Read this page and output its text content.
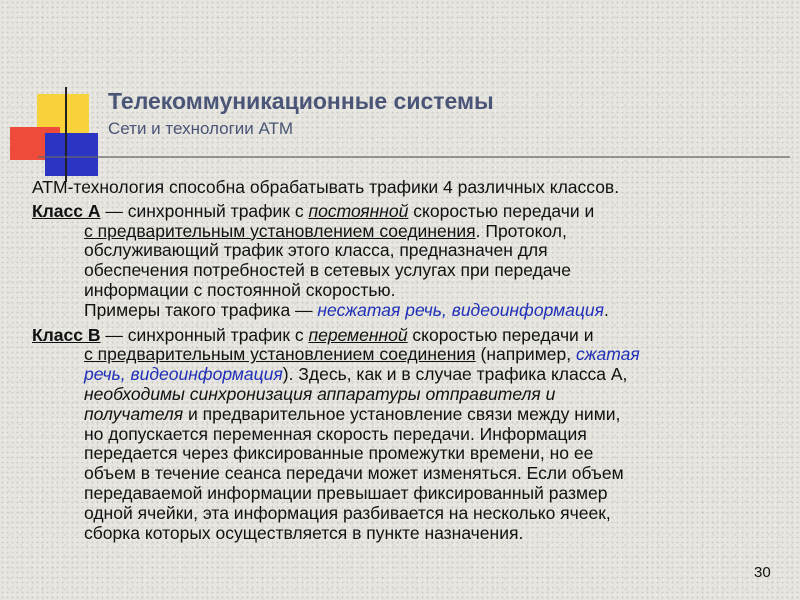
Телекоммуникационные системы
Сети и технологии АТМ

АТМ-технология способна обрабатывать трафики 4 различных классов.

Класс А — синхронный трафик с постоянной скоростью передачи и
с предварительным установлением соединения. Протокол,
обслуживающий трафик этого класса, предназначен для
обеспечения потребностей в сетевых услугах при передаче
информации с постоянной скоростью.
Примеры такого трафика — несжатая речь, видеоинформация.
Класс В — синхронный трафик с переменной скоростью передачи и
с предварительным установлением соединения (например, сжатая
речь, видеоинформация). Здесь, как и в случае трафика класса А,
необходимы синхронизация аппаратуры отправителя и
получателя и предварительное установление связи между ними,
но допускается переменная скорость передачи. Информация
передается через фиксированные промежутки времени, но ее
объем в течение сеанса передачи может изменяться. Если объем
передаваемой информации превышает фиксированный размер
одной ячейки, эта информация разбивается на несколько ячеек,
сборка которых осуществляется в пункте назначения.
30
